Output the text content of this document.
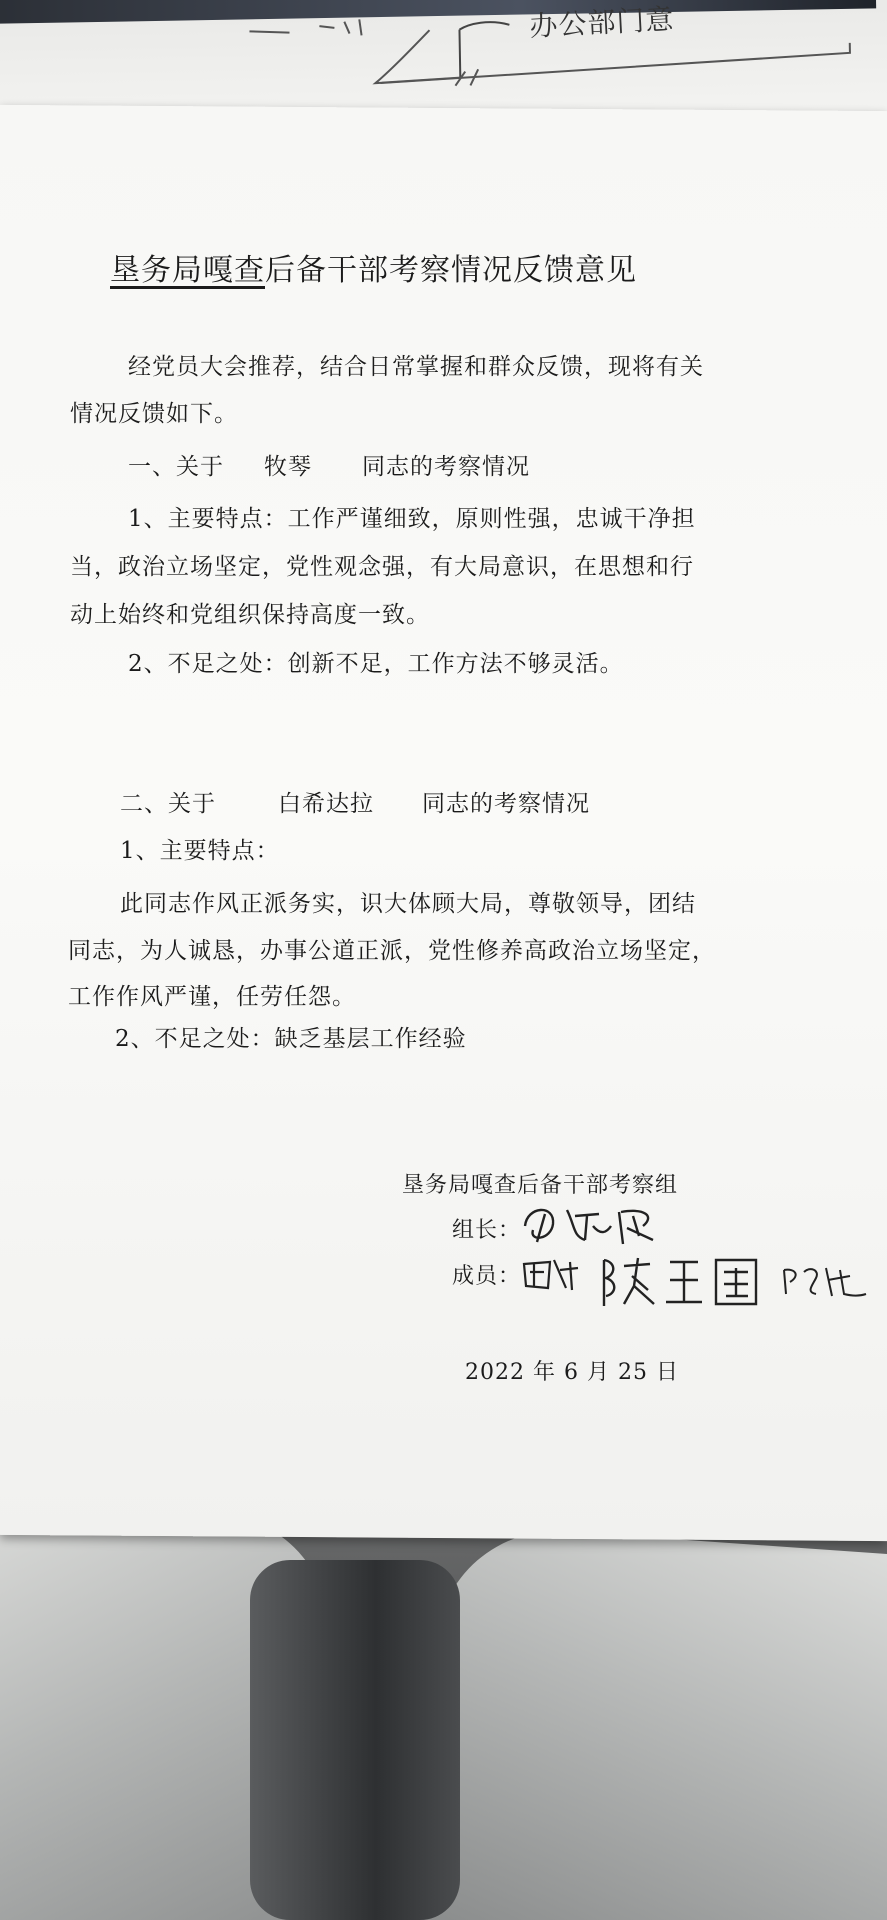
办公部门意
垦务局嘎查后备干部考察情况反馈意见
经党员大会推荐，结合日常掌握和群众反馈，现将有关
情况反馈如下。
一、关于 牧琴 同志的考察情况
1、主要特点：工作严谨细致，原则性强，忠诚干净担
当，政治立场坚定，党性观念强，有大局意识，在思想和行
动上始终和党组织保持高度一致。
2、不足之处：创新不足，工作方法不够灵活。
二、关于	白希达拉 同志的考察情况
1、主要特点：
此同志作风正派务实，识大体顾大局，尊敬领导，团结
同志，为人诚恳，办事公道正派，党性修养高政治立场坚定，
工作作风严谨，任劳任怨。
2、不足之处：缺乏基层工作经验
垦务局嘎查后备干部考察组
组长：
成员：
2022 年 6 月 25 日
